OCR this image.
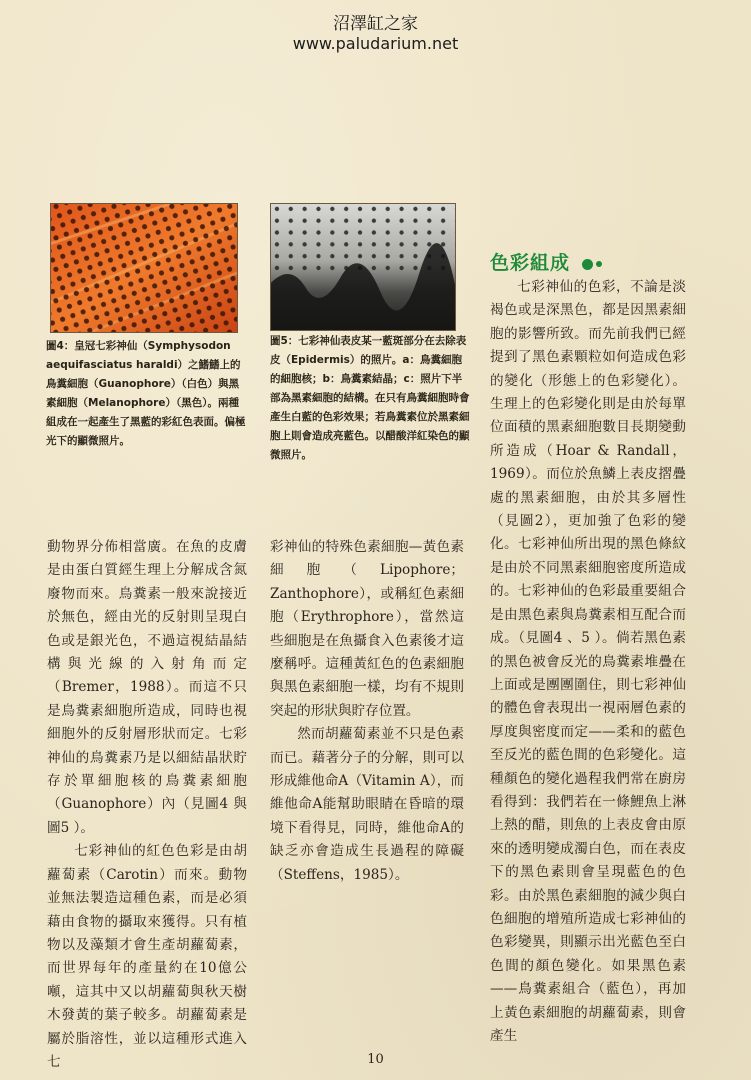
沼澤缸之家
www.paludarium.net
圖4：皇冠七彩神仙（Symphysodon aequifasciatus haraldi）之鰭鰭上的鳥糞細胞（Guanophore）（白色）與黑素細胞（Melanophore）（黑色）。兩種組成在一起產生了黑藍的彩紅色表面。偏極光下的顯微照片。
圖5：七彩神仙表皮某一藍斑部分在去除表皮（Epidermis）的照片。a：鳥糞細胞的細胞核；b：鳥糞素結晶；c：照片下半部為黑素細胞的結構。在只有鳥糞細胞時會產生白藍的色彩效果；若鳥糞素位於黑素細胞上則會造成亮藍色。以醋酸洋紅染色的顯微照片。
色彩組成

動物界分佈相當廣。在魚的皮膚是由蛋白質經生理上分解成含氮廢物而來。鳥糞素一般來說接近於無色，經由光的反射則呈現白色或是銀光色，不過這視結晶結構與光線的入射角而定（Bremer，1988）。而這不只是鳥糞素細胞所造成，同時也視細胞外的反射層形狀而定。七彩神仙的鳥糞素乃是以細結晶狀貯存於單細胞核的鳥糞素細胞（Guanophore）內（見圖4 與圖5 ）。

七彩神仙的紅色色彩是由胡蘿蔔素（Carotin）而來。動物並無法製造這種色素，而是必須藉由食物的攝取來獲得。只有植物以及藻類才會生產胡蘿蔔素，而世界每年的產量約在10億公噸，這其中又以胡蘿蔔與秋天樹木發黃的葉子較多。胡蘿蔔素是屬於脂溶性，並以這種形式進入七

彩神仙的特殊色素細胞—黃色素細胞（Lipophore；Zanthophore），或稱紅色素細胞（Erythrophore），當然這些細胞是在魚攝食入色素後才這麼稱呼。這種黃紅色的色素細胞與黑色素細胞一樣，均有不規則突起的形狀與貯存位置。

然而胡蘿蔔素並不只是色素而已。藉著分子的分解，則可以形成維他命A（Vitamin A），而維他命A能幫助眼睛在昏暗的環境下看得見，同時，維他命A的缺乏亦會造成生長過程的障礙（Steffens，1985）。

七彩神仙的色彩，不論是淡褐色或是深黑色，都是因黑素細胞的影響所致。而先前我們已經提到了黑色素顆粒如何造成色彩的變化（形態上的色彩變化）。生理上的色彩變化則是由於每單位面積的黑素細胞數目長期變動所造成（Hoar & Randall，1969）。而位於魚鱗上表皮摺疊處的黑素細胞，由於其多層性（見圖2），更加強了色彩的變化。七彩神仙所出現的黑色條紋是由於不同黑素細胞密度所造成的。七彩神仙的色彩最重要組合是由黑色素與鳥糞素相互配合而成。（見圖4 、5 ）。倘若黑色素的黑色被會反光的鳥糞素堆疊在上面或是團團圍住，則七彩神仙的體色會表現出一視兩層色素的厚度與密度而定——柔和的藍色至反光的藍色間的色彩變化。這種顏色的變化過程我們常在廚房看得到：我們若在一條鯉魚上淋上熱的醋，則魚的上表皮會由原來的透明變成濁白色，而在表皮下的黑色素則會呈現藍色的色彩。由於黑色素細胞的減少與白色細胞的增殖所造成七彩神仙的色彩變異，則顯示出光藍色至白色間的顏色變化。如果黑色素——鳥糞素組合（藍色），再加上黃色素細胞的胡蘿蔔素，則會產生

10
